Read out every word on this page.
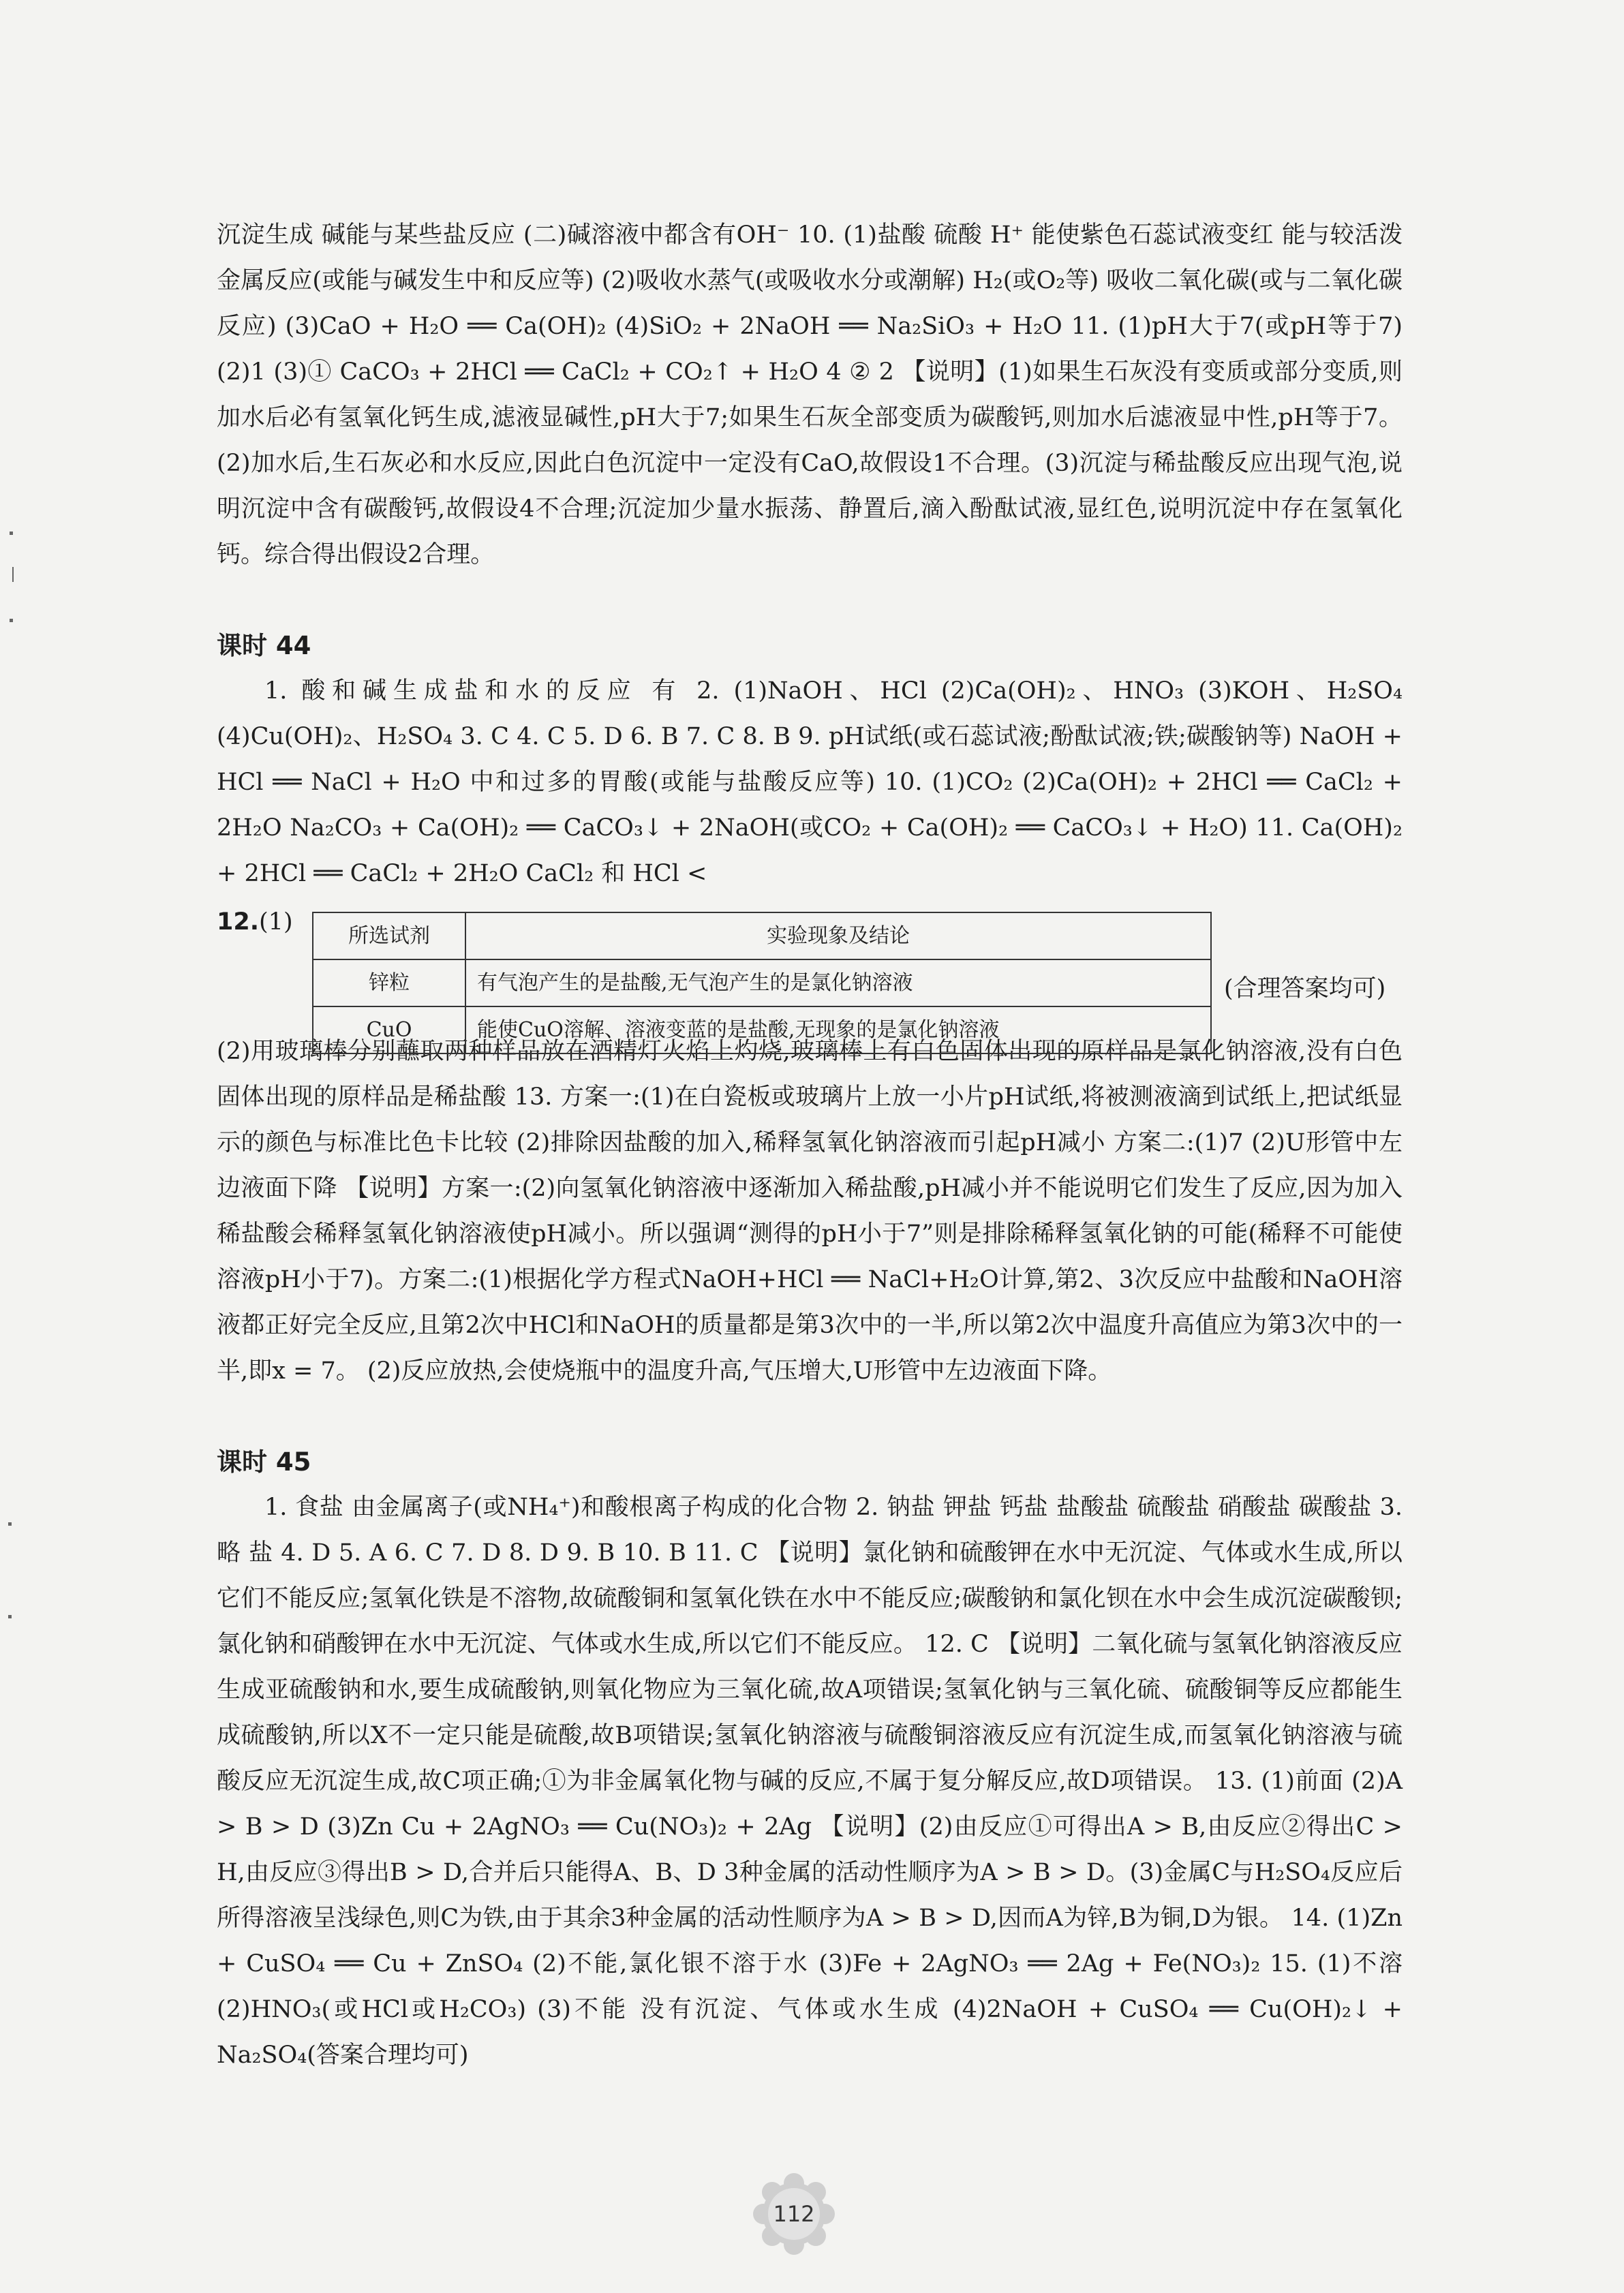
沉淀生成 碱能与某些盐反应 (二)碱溶液中都含有OH⁻ 10. (1)盐酸 硫酸 H⁺ 能使紫色石蕊试液变红 能与较活泼金属反应(或能与碱发生中和反应等) (2)吸收水蒸气(或吸收水分或潮解) H₂(或O₂等) 吸收二氧化碳(或与二氧化碳反应) (3)CaO + H₂O ══ Ca(OH)₂ (4)SiO₂ + 2NaOH ══ Na₂SiO₃ + H₂O 11. (1)pH大于7(或pH等于7) (2)1 (3)① CaCO₃ + 2HCl ══ CaCl₂ + CO₂↑ + H₂O 4 ② 2 【说明】(1)如果生石灰没有变质或部分变质,则加水后必有氢氧化钙生成,滤液显碱性,pH大于7;如果生石灰全部变质为碳酸钙,则加水后滤液显中性,pH等于7。(2)加水后,生石灰必和水反应,因此白色沉淀中一定没有CaO,故假设1不合理。(3)沉淀与稀盐酸反应出现气泡,说明沉淀中含有碳酸钙,故假设4不合理;沉淀加少量水振荡、静置后,滴入酚酞试液,显红色,说明沉淀中存在氢氧化钙。综合得出假设2合理。

课时 44

1. 酸和碱生成盐和水的反应 有 2. (1)NaOH、HCl (2)Ca(OH)₂、HNO₃ (3)KOH、H₂SO₄ (4)Cu(OH)₂、H₂SO₄ 3. C 4. C 5. D 6. B 7. C 8. B 9. pH试纸(或石蕊试液;酚酞试液;铁;碳酸钠等) NaOH + HCl ══ NaCl + H₂O 中和过多的胃酸(或能与盐酸反应等) 10. (1)CO₂ (2)Ca(OH)₂ + 2HCl ══ CaCl₂ + 2H₂O Na₂CO₃ + Ca(OH)₂ ══ CaCO₃↓ + 2NaOH(或CO₂ + Ca(OH)₂ ══ CaCO₃↓ + H₂O) 11. Ca(OH)₂ + 2HCl ══ CaCl₂ + 2H₂O CaCl₂ 和 HCl <

12.(1)
所选试剂	实验现象及结论
锌粒	有气泡产生的是盐酸,无气泡产生的是氯化钠溶液
CuO	能使CuO溶解、溶液变蓝的是盐酸,无现象的是氯化钠溶液
(合理答案均可)

(2)用玻璃棒分别蘸取两种样品放在酒精灯火焰上灼烧,玻璃棒上有白色固体出现的原样品是氯化钠溶液,没有白色固体出现的原样品是稀盐酸 13. 方案一:(1)在白瓷板或玻璃片上放一小片pH试纸,将被测液滴到试纸上,把试纸显示的颜色与标准比色卡比较 (2)排除因盐酸的加入,稀释氢氧化钠溶液而引起pH减小 方案二:(1)7 (2)U形管中左边液面下降 【说明】方案一:(2)向氢氧化钠溶液中逐渐加入稀盐酸,pH减小并不能说明它们发生了反应,因为加入稀盐酸会稀释氢氧化钠溶液使pH减小。所以强调“测得的pH小于7”则是排除稀释氢氧化钠的可能(稀释不可能使溶液pH小于7)。方案二:(1)根据化学方程式NaOH+HCl ══ NaCl+H₂O计算,第2、3次反应中盐酸和NaOH溶液都正好完全反应,且第2次中HCl和NaOH的质量都是第3次中的一半,所以第2次中温度升高值应为第3次中的一半,即x = 7。 (2)反应放热,会使烧瓶中的温度升高,气压增大,U形管中左边液面下降。

课时 45

1. 食盐 由金属离子(或NH₄⁺)和酸根离子构成的化合物 2. 钠盐 钾盐 钙盐 盐酸盐 硫酸盐 硝酸盐 碳酸盐 3. 略 盐 4. D 5. A 6. C 7. D 8. D 9. B 10. B 11. C 【说明】氯化钠和硫酸钾在水中无沉淀、气体或水生成,所以它们不能反应;氢氧化铁是不溶物,故硫酸铜和氢氧化铁在水中不能反应;碳酸钠和氯化钡在水中会生成沉淀碳酸钡;氯化钠和硝酸钾在水中无沉淀、气体或水生成,所以它们不能反应。 12. C 【说明】二氧化硫与氢氧化钠溶液反应生成亚硫酸钠和水,要生成硫酸钠,则氧化物应为三氧化硫,故A项错误;氢氧化钠与三氧化硫、硫酸铜等反应都能生成硫酸钠,所以X不一定只能是硫酸,故B项错误;氢氧化钠溶液与硫酸铜溶液反应有沉淀生成,而氢氧化钠溶液与硫酸反应无沉淀生成,故C项正确;①为非金属氧化物与碱的反应,不属于复分解反应,故D项错误。 13. (1)前面 (2)A > B > D (3)Zn Cu + 2AgNO₃ ══ Cu(NO₃)₂ + 2Ag 【说明】(2)由反应①可得出A > B,由反应②得出C > H,由反应③得出B > D,合并后只能得A、B、D 3种金属的活动性顺序为A > B > D。(3)金属C与H₂SO₄反应后所得溶液呈浅绿色,则C为铁,由于其余3种金属的活动性顺序为A > B > D,因而A为锌,B为铜,D为银。 14. (1)Zn + CuSO₄ ══ Cu + ZnSO₄ (2)不能,氯化银不溶于水 (3)Fe + 2AgNO₃ ══ 2Ag + Fe(NO₃)₂ 15. (1)不溶 (2)HNO₃(或HCl或H₂CO₃) (3)不能 没有沉淀、气体或水生成 (4)2NaOH + CuSO₄ ══ Cu(OH)₂↓ + Na₂SO₄(答案合理均可)

112
